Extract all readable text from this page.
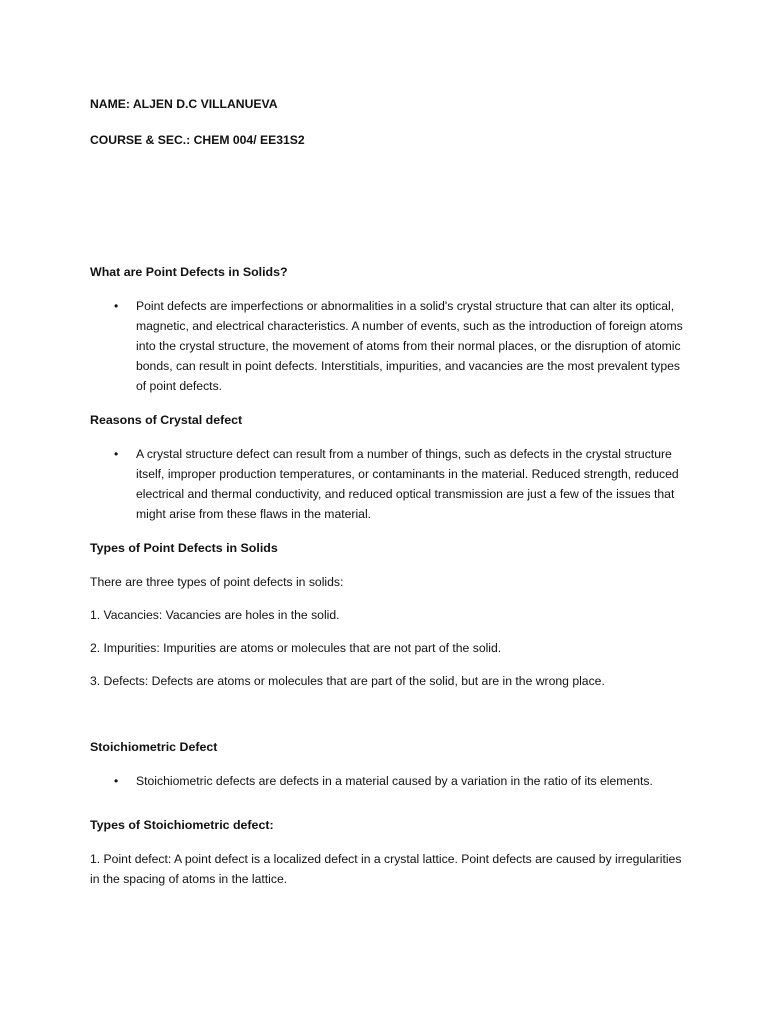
NAME: ALJEN D.C VILLANUEVA

COURSE & SEC.: CHEM 004/ EE31S2

What are Point Defects in Solids?

•	Point defects are imperfections or abnormalities in a solid's crystal structure that can alter its optical, magnetic, and electrical characteristics. A number of events, such as the introduction of foreign atoms into the crystal structure, the movement of atoms from their normal places, or the disruption of atomic bonds, can result in point defects. Interstitials, impurities, and vacancies are the most prevalent types of point defects.

Reasons of Crystal defect

•	A crystal structure defect can result from a number of things, such as defects in the crystal structure itself, improper production temperatures, or contaminants in the material. Reduced strength, reduced electrical and thermal conductivity, and reduced optical transmission are just a few of the issues that might arise from these flaws in the material.

Types of Point Defects in Solids

There are three types of point defects in solids:

1. Vacancies: Vacancies are holes in the solid.

2. Impurities: Impurities are atoms or molecules that are not part of the solid.

3. Defects: Defects are atoms or molecules that are part of the solid, but are in the wrong place.

Stoichiometric Defect

•	Stoichiometric defects are defects in a material caused by a variation in the ratio of its elements.

Types of Stoichiometric defect:

1. Point defect: A point defect is a localized defect in a crystal lattice. Point defects are caused by irregularities in the spacing of atoms in the lattice.
